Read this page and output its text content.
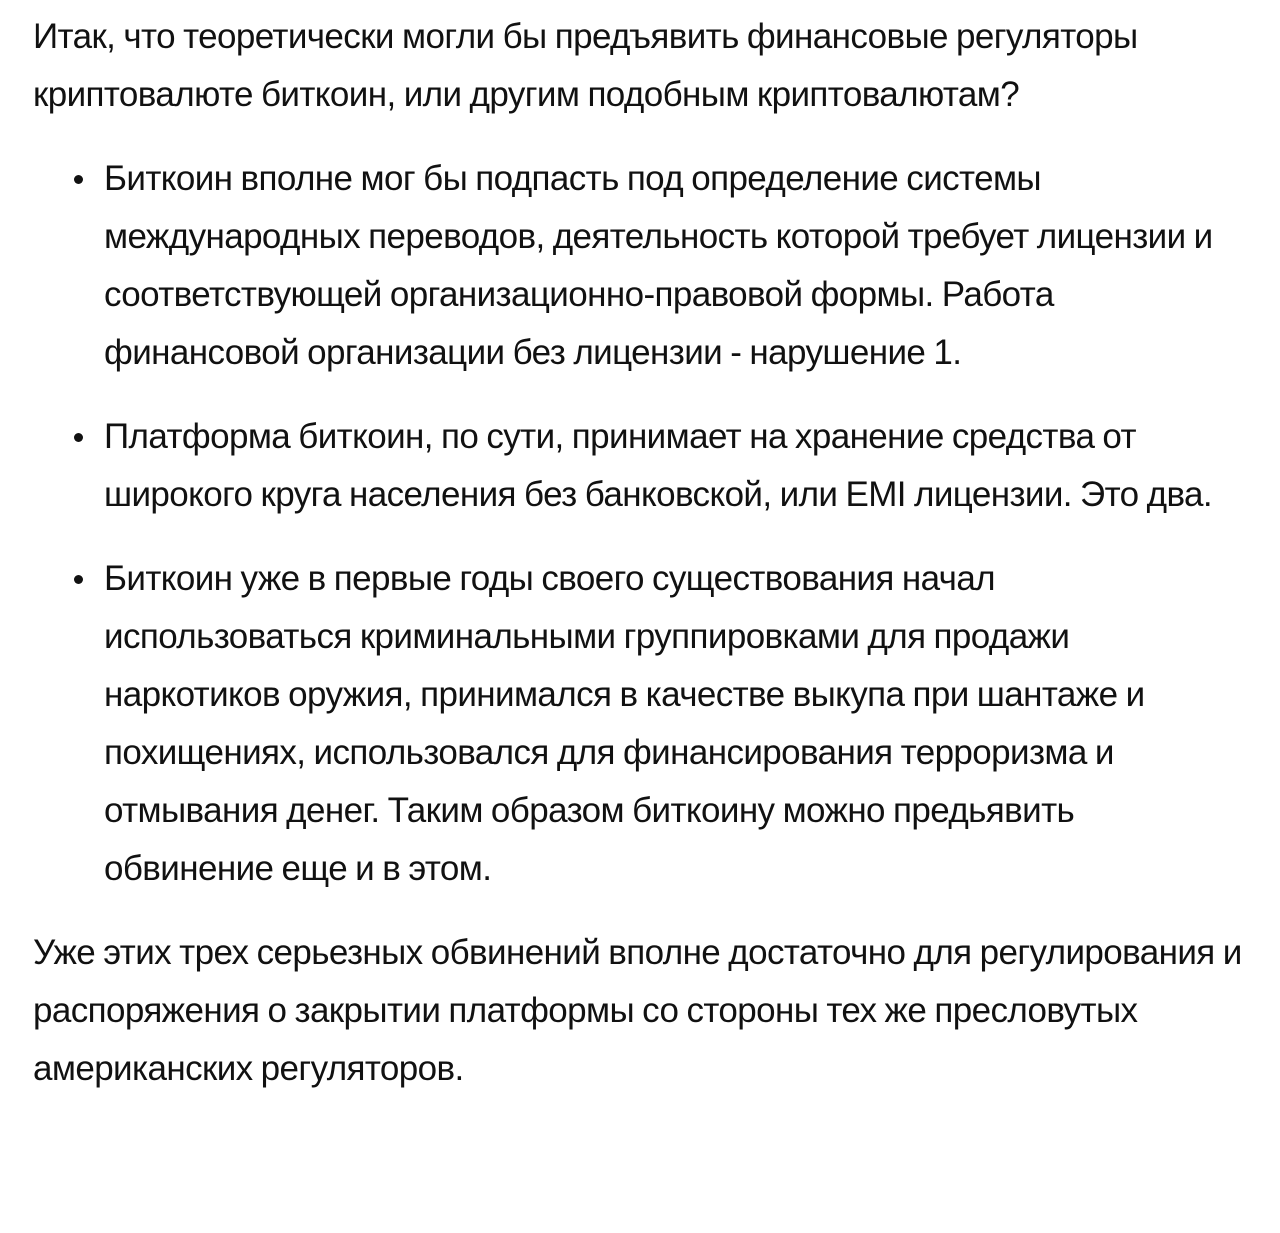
Итак, что теоретически могли бы предъявить финансовые регуляторы криптовалюте биткоин, или другим подобным криптовалютам?

Биткоин вполне мог бы подпасть под определение системы международных переводов, деятельность которой требует лицензии и соответствующей организационно-правовой формы. Работа финансовой организации без лицензии - нарушение 1.
Платформа биткоин, по сути, принимает на хранение средства от широкого круга населения без банковской, или EMI лицензии. Это два.
Биткоин уже в первые годы своего существования начал использоваться криминальными группировками для продажи наркотиков оружия, принимался в качестве выкупа при шантаже и похищениях, использовался для финансирования терроризма и отмывания денег. Таким образом биткоину можно предьявить обвинение еще и в этом.

Уже этих трех серьезных обвинений вполне достаточно для регулирования и распоряжения о закрытии платформы со стороны тех же пресловутых американских регуляторов.
